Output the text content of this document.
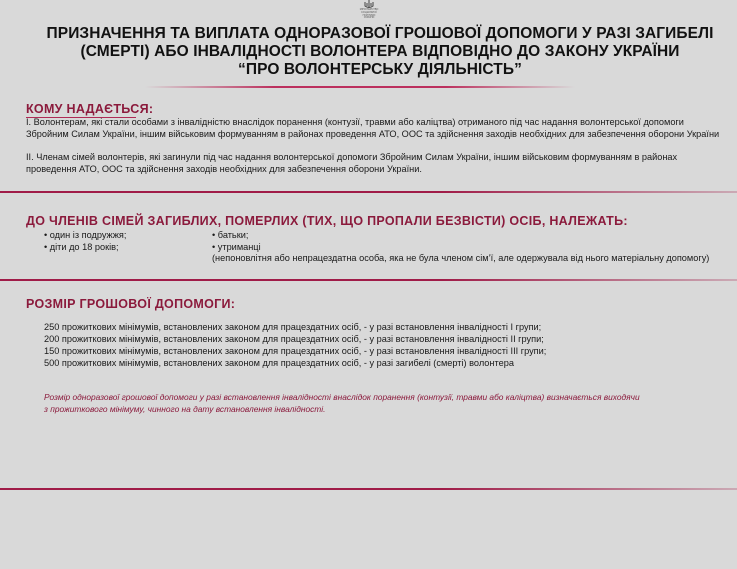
МІНІСТЕРСТВО
СОЦІАЛЬНОЇ
ПОЛІТИКИ
УКРАЇНИ
ПРИЗНАЧЕННЯ ТА ВИПЛАТА ОДНОРАЗОВОЇ ГРОШОВОЇ ДОПОМОГИ У РАЗІ ЗАГИБЕЛІ
(СМЕРТІ) АБО ІНВАЛІДНОСТІ ВОЛОНТЕРА ВІДПОВІДНО ДО ЗАКОНУ УКРАЇНИ
“ПРО ВОЛОНТЕРСЬКУ ДІЯЛЬНІСТЬ”
КОМУ НАДАЄТЬСЯ:
I. Волонтерам, які стали особами з інвалідністю внаслідок поранення (контузії, травми або каліцтва) отриманого під час надання волонтерської допомоги
Збройним Силам України, іншим військовим формуванням в районах проведення АТО, ООС та здійснення заходів необхідних для забезпечення оборони України
II. Членам сімей волонтерів, які загинули під час надання волонтерської допомоги Збройним Силам України, іншим військовим формуванням в районах
проведення АТО, ООС та здійснення заходів необхідних для забезпечення оборони України.
ДО ЧЛЕНІВ СІМЕЙ ЗАГИБЛИХ, ПОМЕРЛИХ (ТИХ, ЩО ПРОПАЛИ БЕЗВІСТИ) ОСІБ, НАЛЕЖАТЬ:
• один із подружжя;
• діти до 18 років;
• батьки;
• утриманці
(непоновлітня або непрацездатна особа, яка не була членом сім’ї, але одержувала від нього матеріальну допомогу)
РОЗМІР ГРОШОВОЇ ДОПОМОГИ:
250 прожиткових мінімумів, встановлених законом для працездатних осіб, - у разі встановлення інвалідності I групи;
200 прожиткових мінімумів, встановлених законом для працездатних осіб, - у разі встановлення інвалідності II групи;
150 прожиткових мінімумів, встановлених законом для працездатних осіб, - у разі встановлення інвалідності III групи;
500 прожиткових мінімумів, встановлених законом для працездатних осіб, - у разі загибелі (смерті) волонтера
Розмір одноразової грошової допомоги у разі встановлення інвалідності внаслідок поранення (контузії, травми або каліцтва) визначається виходячи
з прожиткового мінімуму, чинного на дату встановлення інвалідності.
